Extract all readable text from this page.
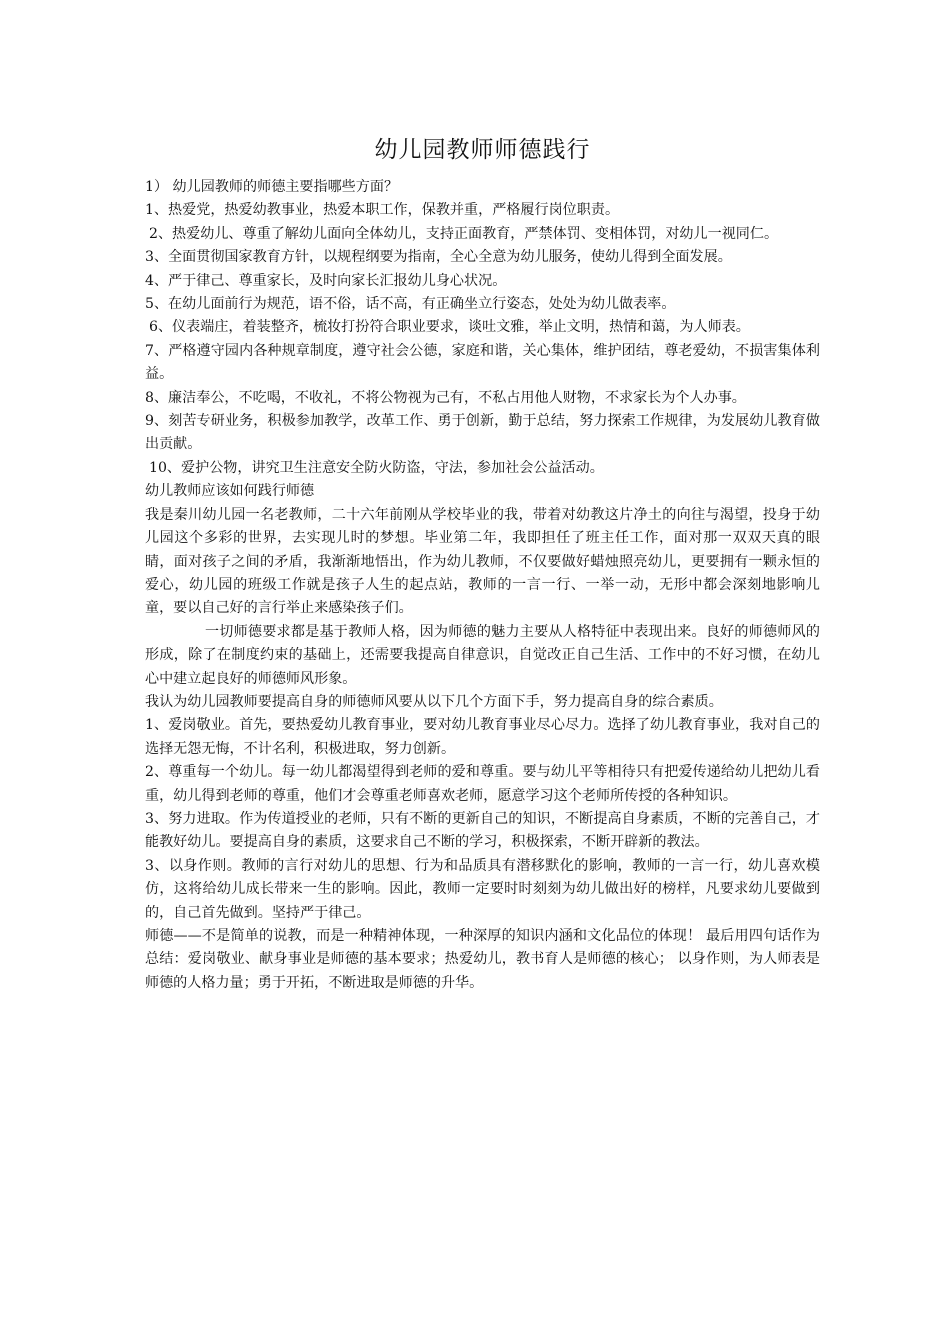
幼儿园教师师德践行

1） 幼儿园教师的师德主要指哪些方面？

1、热爱党，热爱幼教事业，热爱本职工作，保教并重，严格履行岗位职责。

2、热爱幼儿、尊重了解幼儿面向全体幼儿，支持正面教育，严禁体罚、变相体罚，对幼儿一视同仁。

3、全面贯彻国家教育方针，以规程纲要为指南，全心全意为幼儿服务，使幼儿得到全面发展。

4、严于律己、尊重家长，及时向家长汇报幼儿身心状况。

5、在幼儿面前行为规范，语不俗，话不高，有正确坐立行姿态，处处为幼儿做表率。

6、仪表端庄，着装整齐，梳妆打扮符合职业要求，谈吐文雅，举止文明，热情和蔼，为人师表。

7、严格遵守园内各种规章制度，遵守社会公德，家庭和谐，关心集体，维护团结，尊老爱幼，不损害集体利益。

8、廉洁奉公，不吃喝，不收礼，不将公物视为己有，不私占用他人财物，不求家长为个人办事。

9、刻苦专研业务，积极参加教学，改革工作、勇于创新，勤于总结，努力探索工作规律，为发展幼儿教育做出贡献。

10、爱护公物，讲究卫生注意安全防火防盗，守法，参加社会公益活动。

幼儿教师应该如何践行师德

我是秦川幼儿园一名老教师，二十六年前刚从学校毕业的我，带着对幼教这片净土的向往与渴望，投身于幼儿园这个多彩的世界，去实现儿时的梦想。毕业第二年，我即担任了班主任工作，面对那一双双天真的眼睛，面对孩子之间的矛盾，我渐渐地悟出，作为幼儿教师，不仅要做好蜡烛照亮幼儿，更要拥有一颗永恒的爱心，幼儿园的班级工作就是孩子人生的起点站，教师的一言一行、一举一动，无形中都会深刻地影响儿童，要以自己好的言行举止来感染孩子们。

一切师德要求都是基于教师人格，因为师德的魅力主要从人格特征中表现出来。良好的师德师风的形成，除了在制度约束的基础上，还需要我提高自律意识，自觉改正自己生活、工作中的不好习惯，在幼儿心中建立起良好的师德师风形象。

我认为幼儿园教师要提高自身的师德师风要从以下几个方面下手，努力提高自身的综合素质。

1、爱岗敬业。首先，要热爱幼儿教育事业，要对幼儿教育事业尽心尽力。选择了幼儿教育事业，我对自己的选择无怨无悔，不计名利，积极进取，努力创新。

2、尊重每一个幼儿。每一幼儿都渴望得到老师的爱和尊重。要与幼儿平等相待只有把爱传递给幼儿把幼儿看重，幼儿得到老师的尊重，他们才会尊重老师喜欢老师，愿意学习这个老师所传授的各种知识。

3、努力进取。作为传道授业的老师，只有不断的更新自己的知识，不断提高自身素质，不断的完善自己，才能教好幼儿。要提高自身的素质，这要求自己不断的学习，积极探索，不断开辟新的教法。

3、以身作则。教师的言行对幼儿的思想、行为和品质具有潜移默化的影响，教师的一言一行，幼儿喜欢模仿，这将给幼儿成长带来一生的影响。因此，教师一定要时时刻刻为幼儿做出好的榜样，凡要求幼儿要做到的，自己首先做到。坚持严于律己。

师德——不是简单的说教，而是一种精神体现，一种深厚的知识内涵和文化品位的体现！ 最后用四句话作为总结：爱岗敬业、献身事业是师德的基本要求；热爱幼儿，教书育人是师德的核心； 以身作则，为人师表是师德的人格力量；勇于开拓，不断进取是师德的升华。
